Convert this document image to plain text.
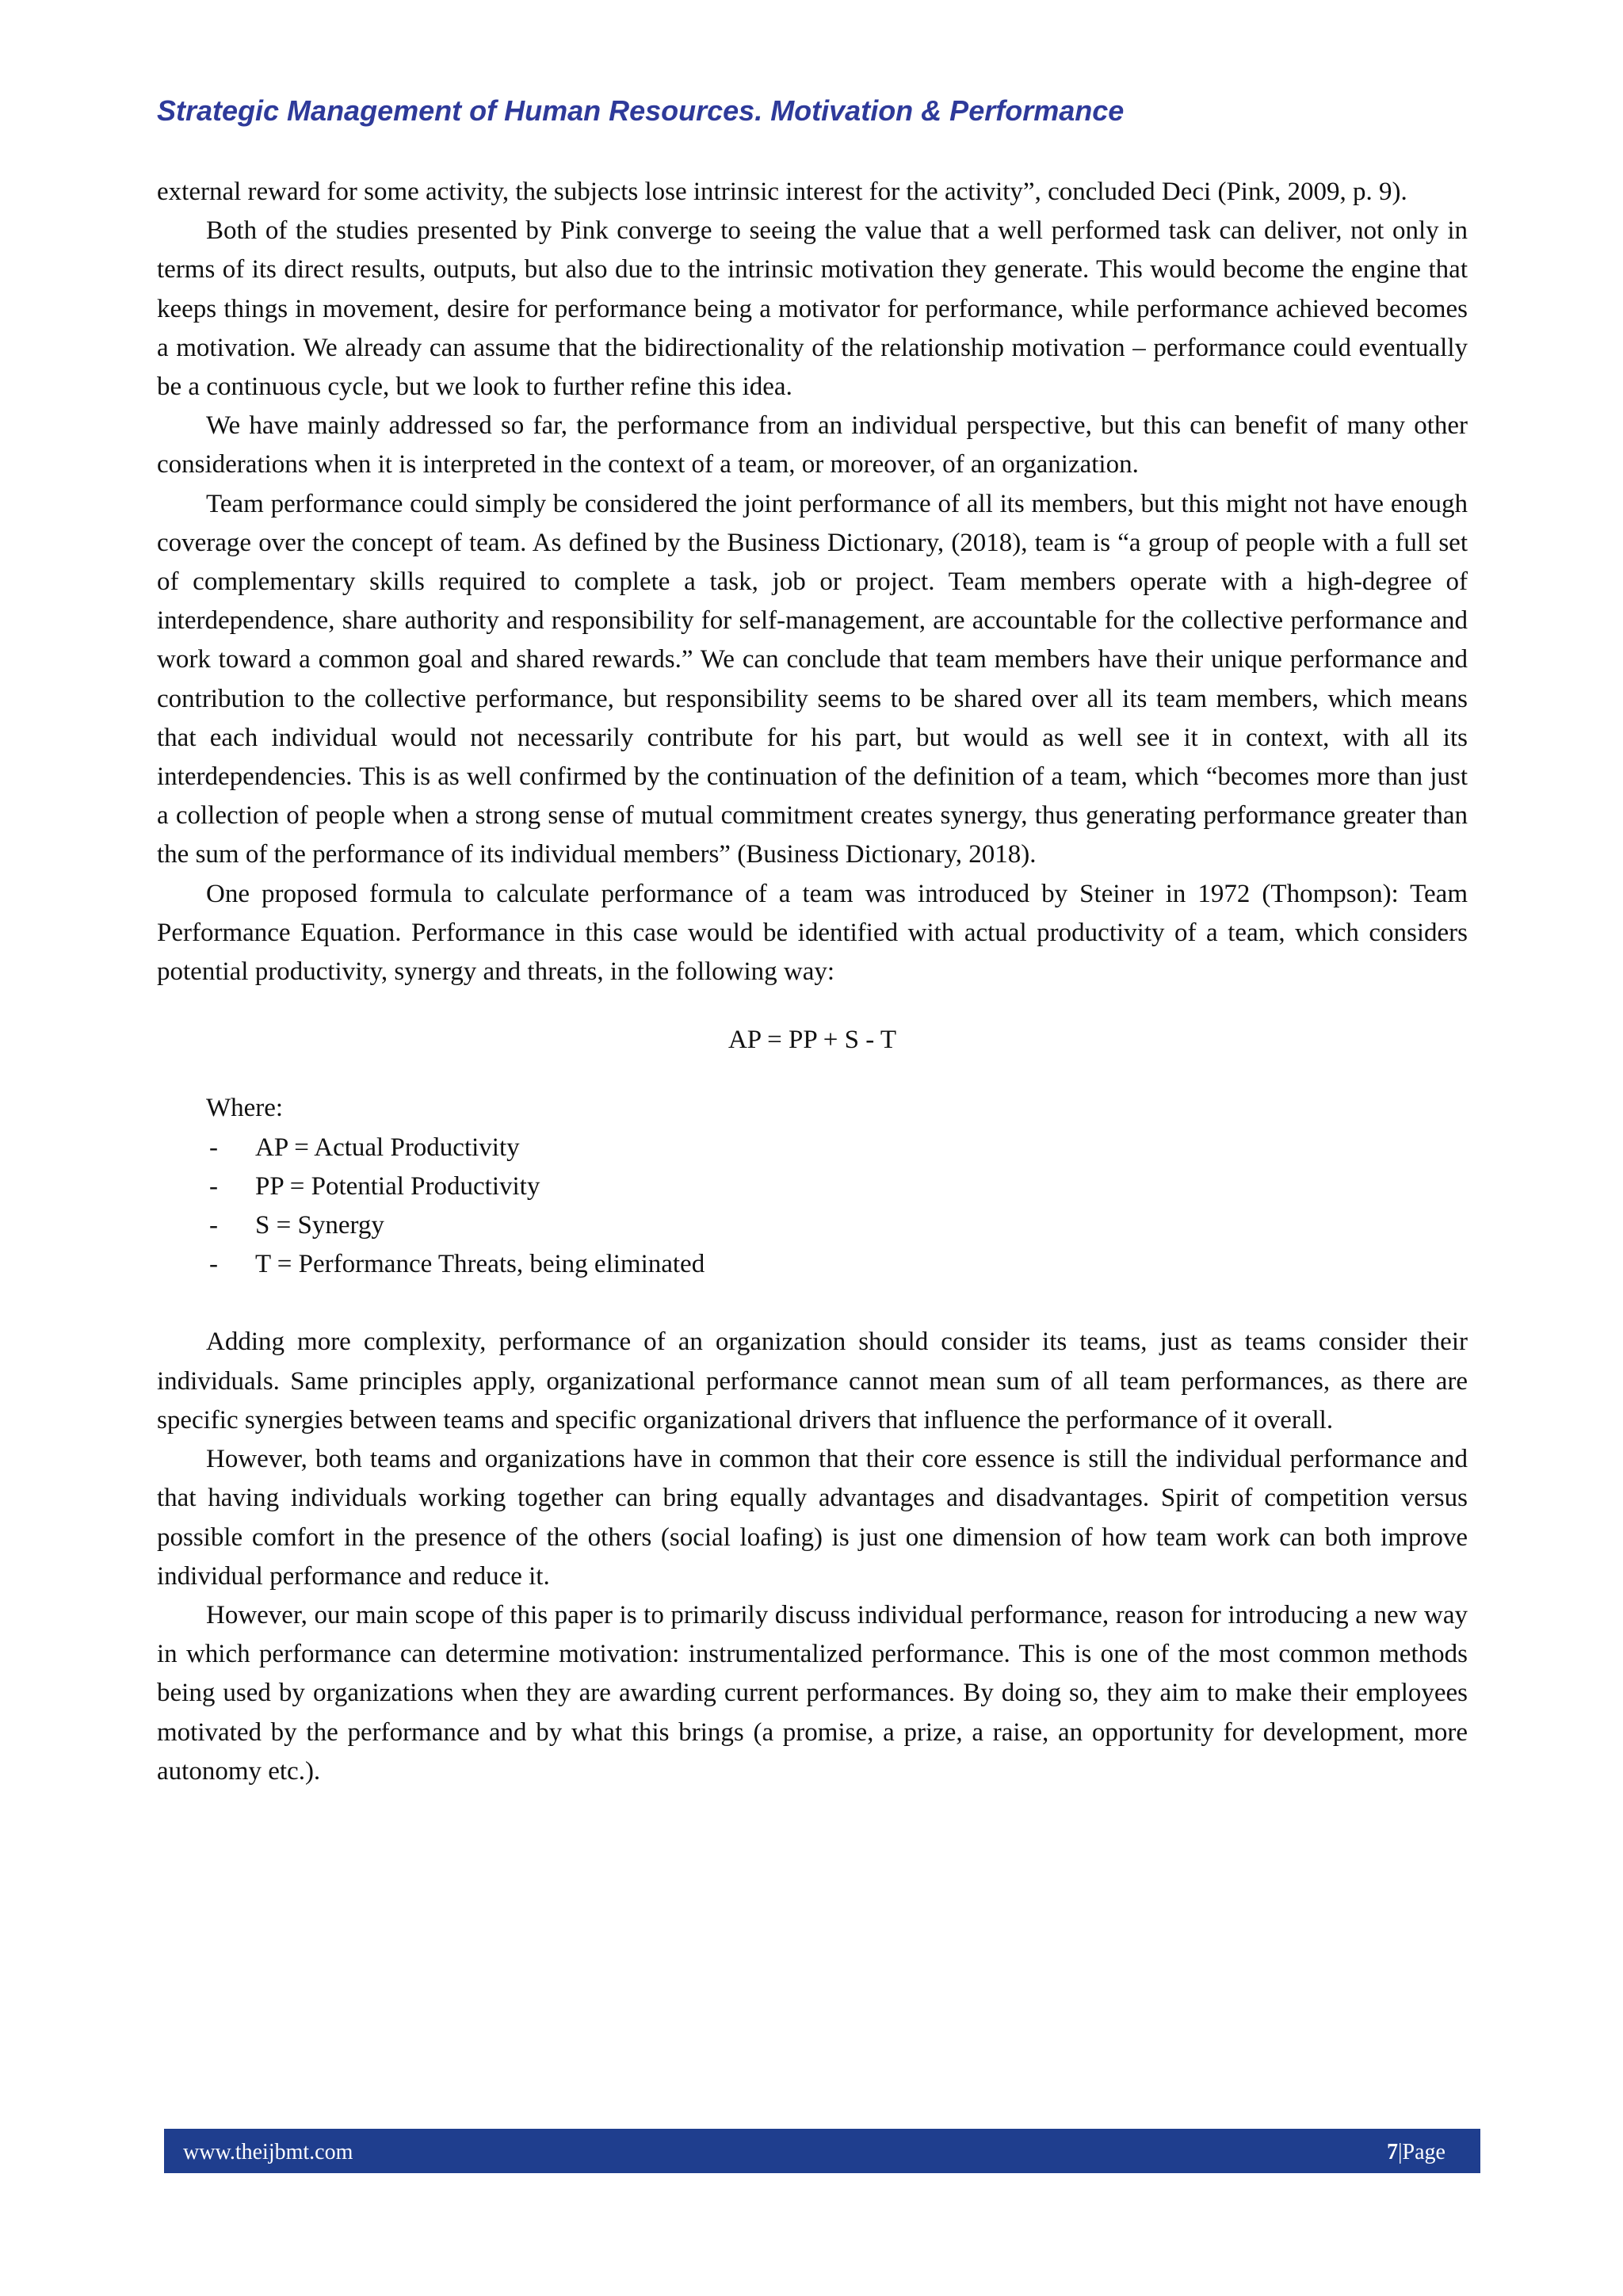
Strategic Management of Human Resources. Motivation & Performance

external reward for some activity, the subjects lose intrinsic interest for the activity”, concluded Deci (Pink, 2009, p. 9).

Both of the studies presented by Pink converge to seeing the value that a well performed task can deliver, not only in terms of its direct results, outputs, but also due to the intrinsic motivation they generate. This would become the engine that keeps things in movement, desire for performance being a motivator for performance, while performance achieved becomes a motivation. We already can assume that the bidirectionality of the relationship motivation – performance could eventually be a continuous cycle, but we look to further refine this idea.

We have mainly addressed so far, the performance from an individual perspective, but this can benefit of many other considerations when it is interpreted in the context of a team, or moreover, of an organization.

Team performance could simply be considered the joint performance of all its members, but this might not have enough coverage over the concept of team. As defined by the Business Dictionary, (2018), team is “a group of people with a full set of complementary skills required to complete a task, job or project. Team members operate with a high-degree of interdependence, share authority and responsibility for self-management, are accountable for the collective performance and work toward a common goal and shared rewards.” We can conclude that team members have their unique performance and contribution to the collective performance, but responsibility seems to be shared over all its team members, which means that each individual would not necessarily contribute for his part, but would as well see it in context, with all its interdependencies. This is as well confirmed by the continuation of the definition of a team, which “becomes more than just a collection of people when a strong sense of mutual commitment creates synergy, thus generating performance greater than the sum of the performance of its individual members” (Business Dictionary, 2018).

One proposed formula to calculate performance of a team was introduced by Steiner in 1972 (Thompson): Team Performance Equation. Performance in this case would be identified with actual productivity of a team, which considers potential productivity, synergy and threats, in the following way:

AP = PP + S - T
Where:
- AP = Actual Productivity
- PP = Potential Productivity
- S = Synergy
- T = Performance Threats, being eliminated

Adding more complexity, performance of an organization should consider its teams, just as teams consider their individuals. Same principles apply, organizational performance cannot mean sum of all team performances, as there are specific synergies between teams and specific organizational drivers that influence the performance of it overall.

However, both teams and organizations have in common that their core essence is still the individual performance and that having individuals working together can bring equally advantages and disadvantages. Spirit of competition versus possible comfort in the presence of the others (social loafing) is just one dimension of how team work can both improve individual performance and reduce it.

However, our main scope of this paper is to primarily discuss individual performance, reason for introducing a new way in which performance can determine motivation: instrumentalized performance. This is one of the most common methods being used by organizations when they are awarding current performances. By doing so, they aim to make their employees motivated by the performance and by what this brings (a promise, a prize, a raise, an opportunity for development, more autonomy etc.).

www.theijbmt.com	7|Page
